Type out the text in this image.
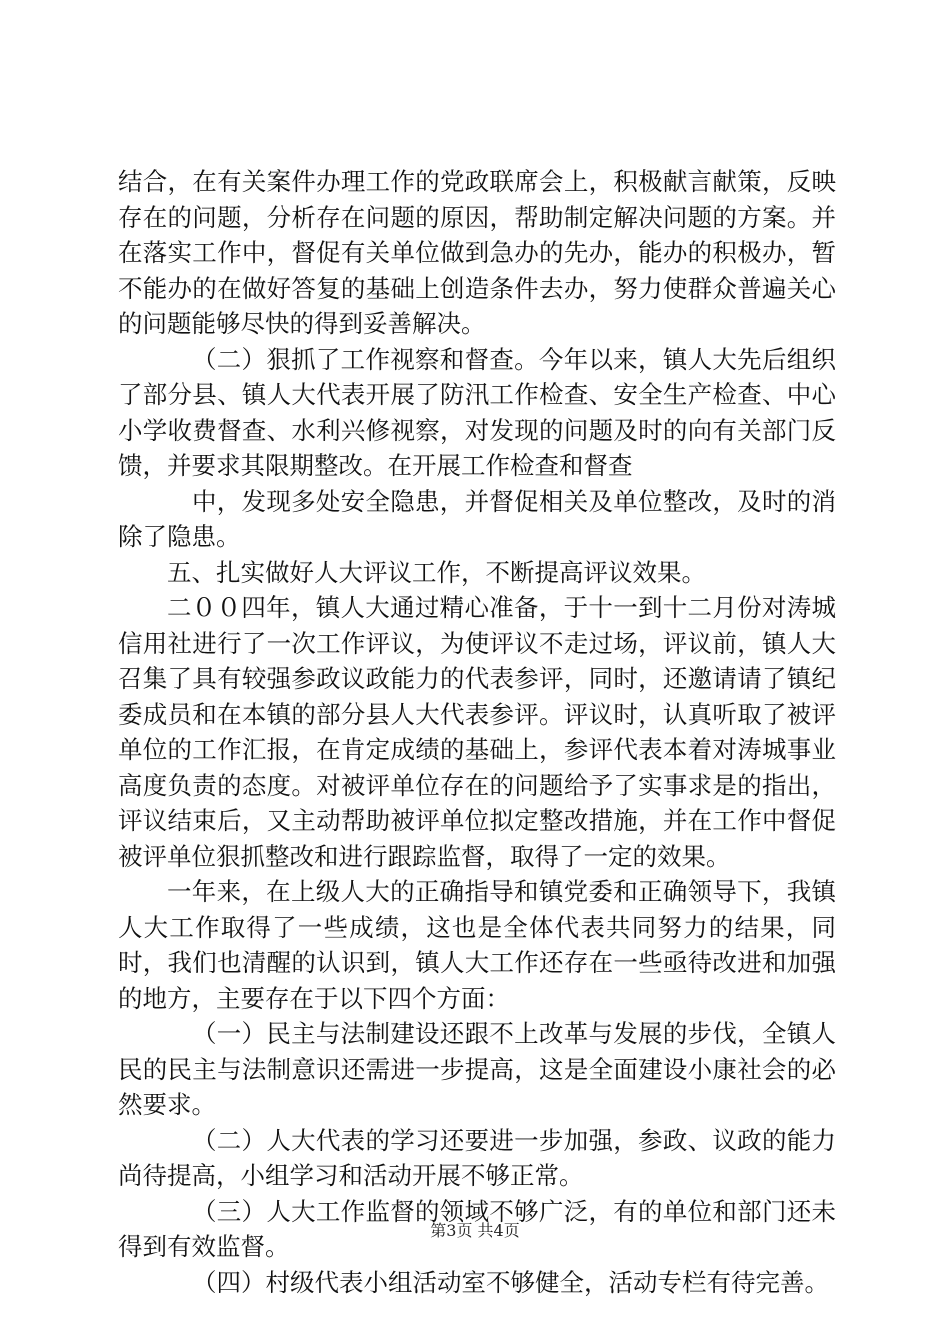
结合，在有关案件办理工作的党政联席会上，积极献言献策，反映存在的问题，分析存在问题的原因，帮助制定解决问题的方案。并在落实工作中，督促有关单位做到急办的先办，能办的积极办，暂不能办的在做好答复的基础上创造条件去办，努力使群众普遍关心的问题能够尽快的得到妥善解决。

（二）狠抓了工作视察和督查。今年以来，镇人大先后组织了部分县、镇人大代表开展了防汛工作检查、安全生产检查、中心小学收费督查、水利兴修视察，对发现的问题及时的向有关部门反馈，并要求其限期整改。在开展工作检查和督查

中，发现多处安全隐患，并督促相关及单位整改，及时的消除了隐患。

五、扎实做好人大评议工作，不断提高评议效果。

二００四年，镇人大通过精心准备，于十一到十二月份对涛城信用社进行了一次工作评议，为使评议不走过场，评议前，镇人大召集了具有较强参政议政能力的代表参评，同时，还邀请请了镇纪委成员和在本镇的部分县人大代表参评。评议时，认真听取了被评单位的工作汇报，在肯定成绩的基础上，参评代表本着对涛城事业高度负责的态度。对被评单位存在的问题给予了实事求是的指出，评议结束后，又主动帮助被评单位拟定整改措施，并在工作中督促被评单位狠抓整改和进行跟踪监督，取得了一定的效果。

一年来，在上级人大的正确指导和镇党委和正确领导下，我镇人大工作取得了一些成绩，这也是全体代表共同努力的结果，同时，我们也清醒的认识到，镇人大工作还存在一些亟待改进和加强的地方，主要存在于以下四个方面：

（一）民主与法制建设还跟不上改革与发展的步伐，全镇人民的民主与法制意识还需进一步提高，这是全面建设小康社会的必然要求。

（二）人大代表的学习还要进一步加强，参政、议政的能力尚待提高，小组学习和活动开展不够正常。

（三）人大工作监督的领域不够广泛，有的单位和部门还未得到有效监督。

（四）村级代表小组活动室不够健全，活动专栏有待完善。

第3页 共4页
